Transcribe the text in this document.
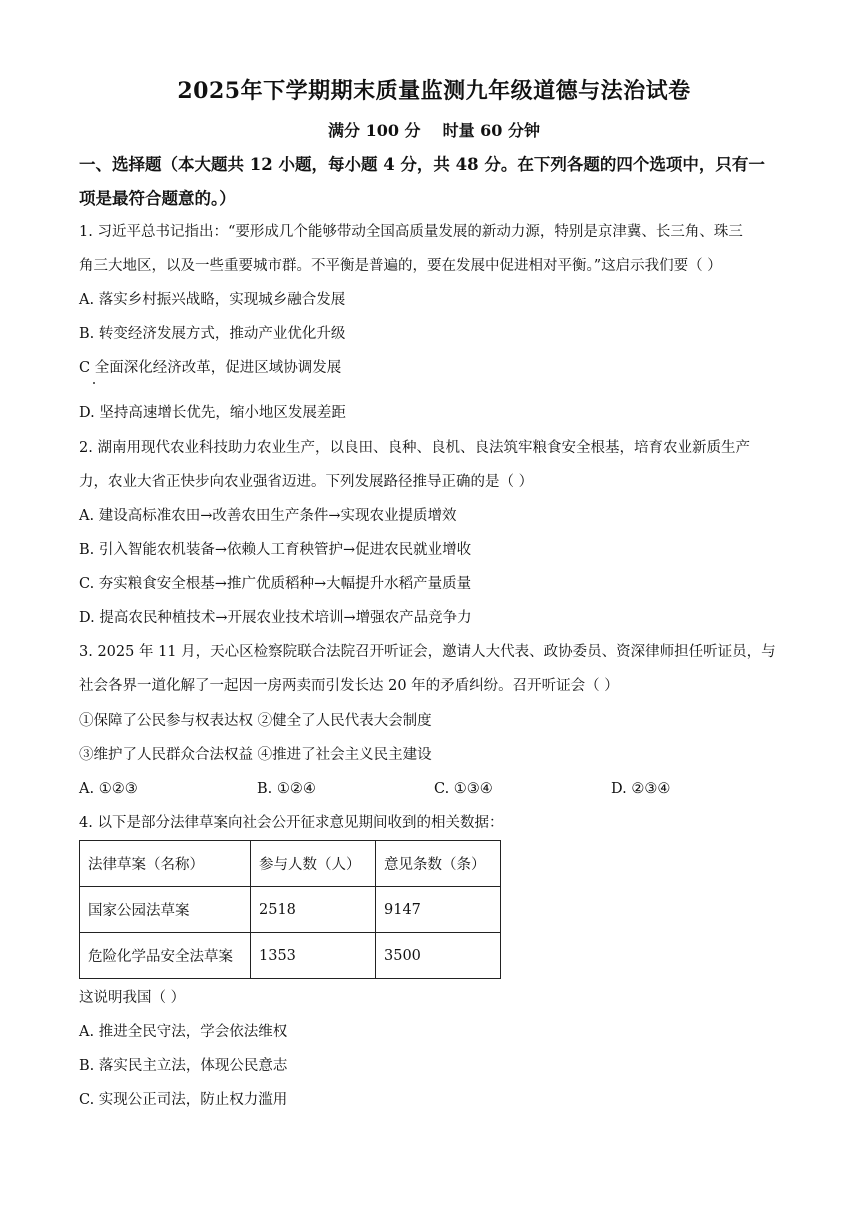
2025年下学期期末质量监测九年级道德与法治试卷
满分 100 分 时量 60 分钟
一、选择题（本大题共 12 小题，每小题 4 分，共 48 分。在下列各题的四个选项中，只有一
项是最符合题意的。）
1. 习近平总书记指出：“要形成几个能够带动全国高质量发展的新动力源，特别是京津冀、长三角、珠三
角三大地区，以及一些重要城市群。不平衡是普遍的，要在发展中促进相对平衡。”这启示我们要（ ）
A. 落实乡村振兴战略，实现城乡融合发展
B. 转变经济发展方式，推动产业优化升级
C 全面深化经济改革，促进区域协调发展
D. 坚持高速增长优先，缩小地区发展差距
2. 湖南用现代农业科技助力农业生产，以良田、良种、良机、良法筑牢粮食安全根基，培育农业新质生产
力，农业大省正快步向农业强省迈进。下列发展路径推导正确的是（ ）
A. 建设高标准农田→改善农田生产条件→实现农业提质增效
B. 引入智能农机装备→依赖人工育秧管护→促进农民就业增收
C. 夯实粮食安全根基→推广优质稻种→大幅提升水稻产量质量
D. 提高农民种植技术→开展农业技术培训→增强农产品竞争力
3. 2025 年 11 月，天心区检察院联合法院召开听证会，邀请人大代表、政协委员、资深律师担任听证员，与
社会各界一道化解了一起因一房两卖而引发长达 20 年的矛盾纠纷。召开听证会（ ）
①保障了公民参与权表达权 ②健全了人民代表大会制度
③维护了人民群众合法权益 ④推进了社会主义民主建设
A. ①②③	B. ①②④	C. ①③④	D. ②③④
4. 以下是部分法律草案向社会公开征求意见期间收到的相关数据：
法律草案（名称）	参与人数（人）	意见条数（条）
国家公园法草案	2518	9147
危险化学品安全法草案	1353	3500
这说明我国（ ）
A. 推进全民守法，学会依法维权
B. 落实民主立法，体现公民意志
C. 实现公正司法，防止权力滥用
